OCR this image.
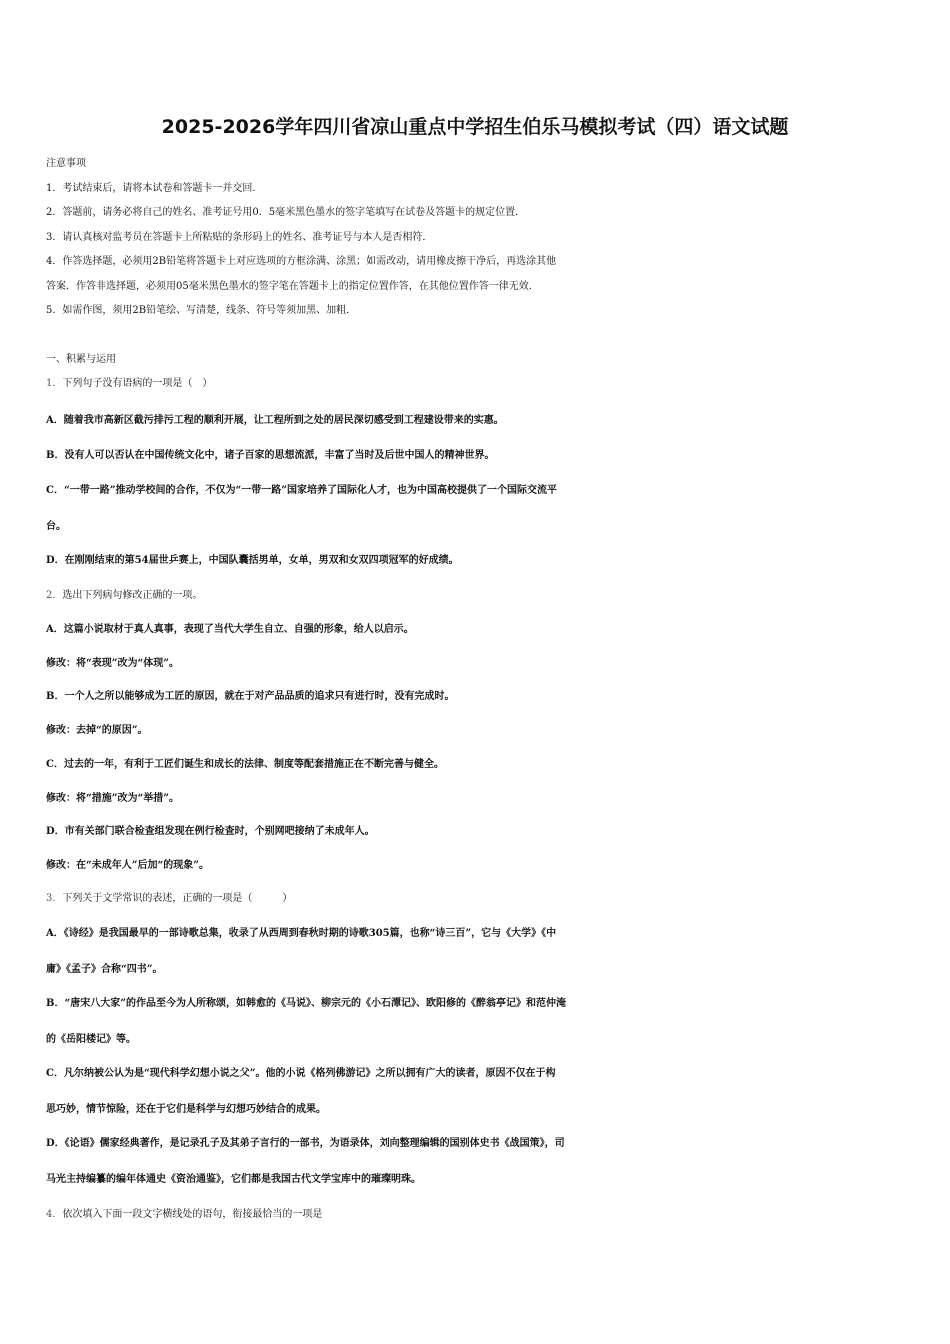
2025-2026学年四川省凉山重点中学招生伯乐马模拟考试（四）语文试题
注意事项
1．考试结束后，请将本试卷和答题卡一并交回．
2．答题前，请务必将自己的姓名、准考证号用0．5毫米黑色墨水的签字笔填写在试卷及答题卡的规定位置．
3．请认真核对监考员在答题卡上所粘贴的条形码上的姓名、准考证号与本人是否相符．
4．作答选择题，必须用2B铅笔将答题卡上对应选项的方框涂满、涂黑；如需改动，请用橡皮擦干净后，再选涂其他
答案．作答非选择题，必须用05毫米黑色墨水的签字笔在答题卡上的指定位置作答，在其他位置作答一律无效．
5．如需作图，须用2B铅笔绘、写清楚，线条、符号等须加黑、加粗．
一、积累与运用
1．下列句子没有语病的一项是（　）
A．随着我市高新区截污排污工程的顺利开展，让工程所到之处的居民深切感受到工程建设带来的实惠。
B．没有人可以否认在中国传统文化中，诸子百家的思想流派，丰富了当时及后世中国人的精神世界。
C．“一带一路”推动学校间的合作，不仅为“一带一路”国家培养了国际化人才，也为中国高校提供了一个国际交流平
台。
D．在刚刚结束的第54届世乒赛上，中国队囊括男单，女单，男双和女双四项冠军的好成绩。
2．选出下列病句修改正确的一项。
A．这篇小说取材于真人真事，表现了当代大学生自立、自强的形象，给人以启示。
修改：将“表现”改为“体现”。
B．一个人之所以能够成为工匠的原因，就在于对产品品质的追求只有进行时，没有完成时。
修改：去掉“的原因”。
C．过去的一年，有利于工匠们诞生和成长的法律、制度等配套措施正在不断完善与健全。
修改：将“措施”改为“举措”。
D．市有关部门联合检查组发现在例行检查时，个别网吧接纳了未成年人。
修改：在“未成年人”后加“的现象”。
3．下列关于文学常识的表述，正确的一项是（　　　）
A．《诗经》是我国最早的一部诗歌总集，收录了从西周到春秋时期的诗歌305篇，也称“诗三百”，它与《大学》《中
庸》《孟子》合称“四书”。
B．“唐宋八大家”的作品至今为人所称颂，如韩愈的《马说》、柳宗元的《小石潭记》、欧阳修的《醉翁亭记》和范仲淹
的《岳阳楼记》等。
C．凡尔纳被公认为是“现代科学幻想小说之父”。他的小说《格列佛游记》之所以拥有广大的读者，原因不仅在于构
思巧妙，情节惊险，还在于它们是科学与幻想巧妙结合的成果。
D．《论语》儒家经典著作，是记录孔子及其弟子言行的一部书，为语录体，刘向整理编辑的国别体史书《战国策》，司
马光主持编纂的编年体通史《资治通鉴》，它们都是我国古代文学宝库中的璀璨明珠。
4．依次填入下面一段文字横线处的语句，衔接最恰当的一项是
